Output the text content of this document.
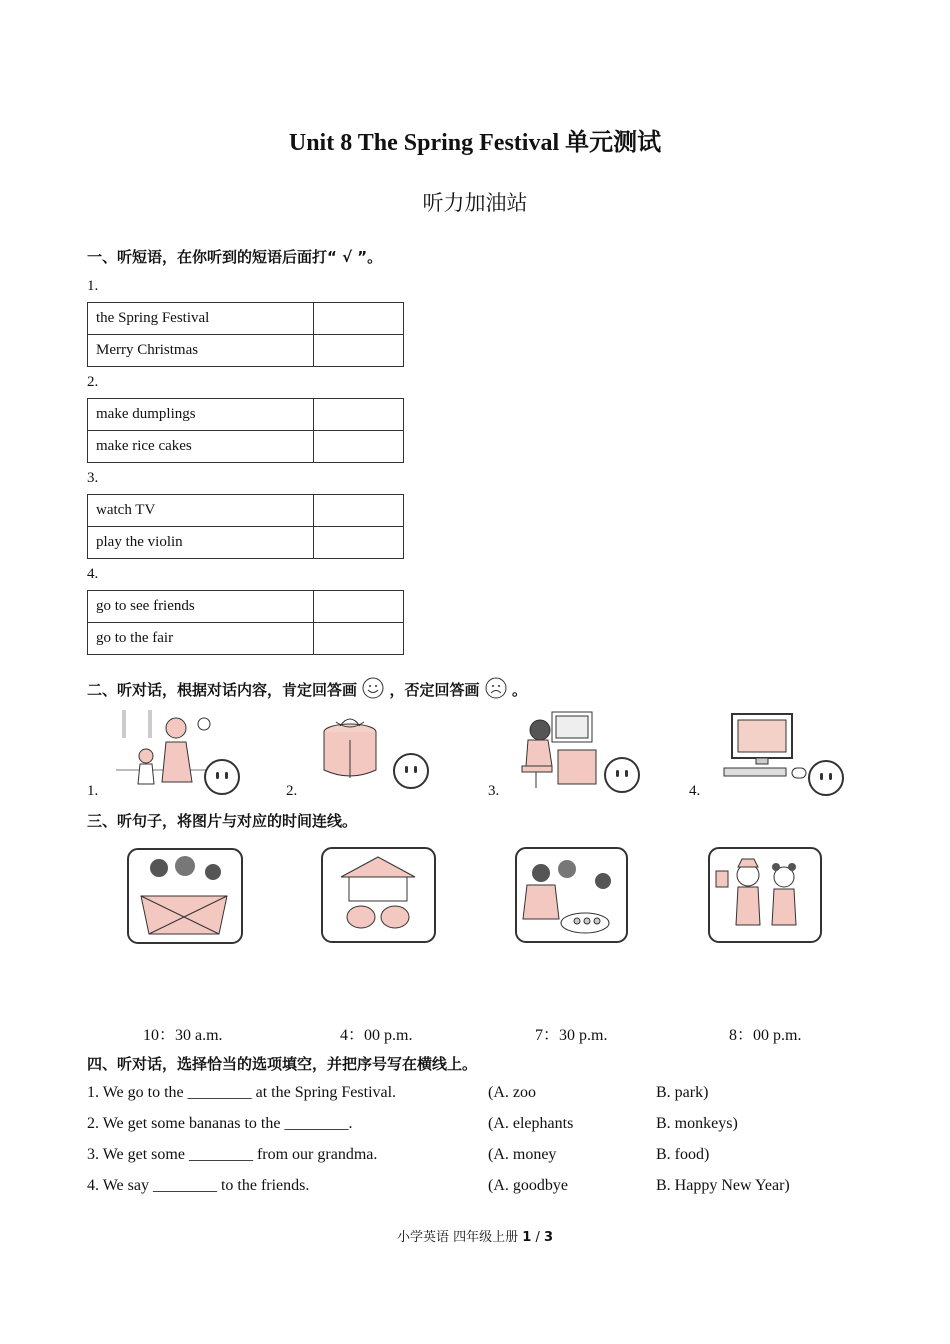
Unit 8 The Spring Festival 单元测试
听力加油站
一、听短语，在你听到的短语后面打“ √ ”。
1.
the Spring Festival	
Merry Christmas	
2.
make dumplings	
make rice cakes	
3.
watch TV	
play the violin	
4.
go to see friends	
go to the fair	
二、听对话，根据对话内容，肯定回答画 ，否定回答画 。
1.	2.	3.	4.
三、听句子，将图片与对应的时间连线。
10：30 a.m.	4：00 p.m.	7：30 p.m.	8：00 p.m.
四、听对话，选择恰当的选项填空，并把序号写在横线上。
1. We go to the ________ at the Spring Festival.	(A. zoo	B. park)
2. We get some bananas to the ________.	(A. elephants	B. monkeys)
3. We get some ________ from our grandma.	(A. money	B. food)
4. We say ________ to the friends.	(A. goodbye	B. Happy New Year)
小学英语 四年级上册 1 / 3
